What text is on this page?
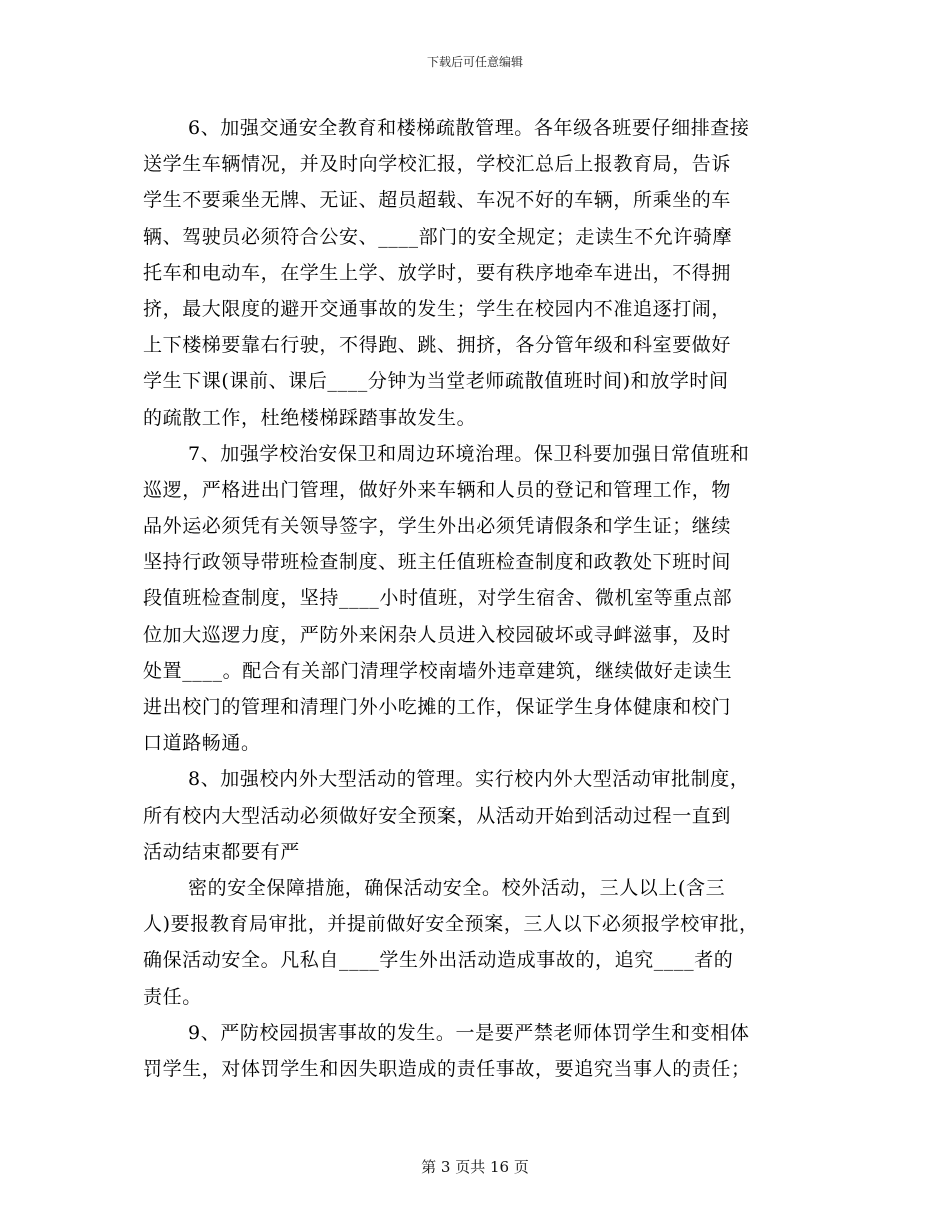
下载后可任意编辑
6、加强交通安全教育和楼梯疏散管理。各年级各班要仔细排查接
送学生车辆情况，并及时向学校汇报，学校汇总后上报教育局，告诉
学生不要乘坐无牌、无证、超员超载、车况不好的车辆，所乘坐的车
辆、驾驶员必须符合公安、____部门的安全规定；走读生不允许骑摩
托车和电动车，在学生上学、放学时，要有秩序地牵车进出，不得拥
挤，最大限度的避开交通事故的发生；学生在校园内不准追逐打闹，
上下楼梯要靠右行驶，不得跑、跳、拥挤，各分管年级和科室要做好
学生下课(课前、课后____分钟为当堂老师疏散值班时间)和放学时间
的疏散工作，杜绝楼梯踩踏事故发生。
7、加强学校治安保卫和周边环境治理。保卫科要加强日常值班和
巡逻，严格进出门管理，做好外来车辆和人员的登记和管理工作，物
品外运必须凭有关领导签字，学生外出必须凭请假条和学生证；继续
坚持行政领导带班检查制度、班主任值班检查制度和政教处下班时间
段值班检查制度，坚持____小时值班，对学生宿舍、微机室等重点部
位加大巡逻力度，严防外来闲杂人员进入校园破坏或寻衅滋事，及时
处置____。配合有关部门清理学校南墙外违章建筑，继续做好走读生
进出校门的管理和清理门外小吃摊的工作，保证学生身体健康和校门
口道路畅通。
8、加强校内外大型活动的管理。实行校内外大型活动审批制度，
所有校内大型活动必须做好安全预案，从活动开始到活动过程一直到
活动结束都要有严
密的安全保障措施，确保活动安全。校外活动，三人以上(含三
人)要报教育局审批，并提前做好安全预案，三人以下必须报学校审批，
确保活动安全。凡私自____学生外出活动造成事故的，追究____者的
责任。
9、严防校园损害事故的发生。一是要严禁老师体罚学生和变相体
罚学生，对体罚学生和因失职造成的责任事故，要追究当事人的责任；
第 3 页共 16 页
